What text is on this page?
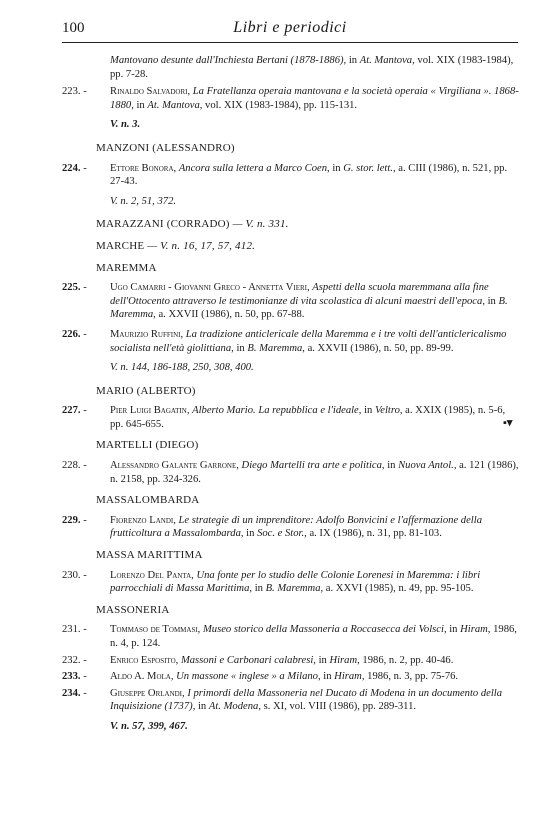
100	Libri e periodici
▪▾
Mantovano desunte dall'Inchiesta Bertani (1878-1886), in At. Mantova, vol. XIX (1983-1984), pp. 7-28.
223. -	Rinaldo Salvadori, La Fratellanza operaia mantovana e la società operaia « Virgiliana ». 1868-1880, in At. Mantova, vol. XIX (1983-1984), pp. 115-131.
V. n. 3.
MANZONI (ALESSANDRO)
224. -	Ettore Bonora, Ancora sulla lettera a Marco Coen, in G. stor. lett., a. CIII (1986), n. 521, pp. 27-43.
V. n. 2, 51, 372.
MARAZZANI (CORRADO) — V. n. 331.
MARCHE — V. n. 16, 17, 57, 412.
MAREMMA
225. -	Ugo Camarri - Giovanni Greco - Annetta Vieri, Aspetti della scuola maremmana alla fine dell'Ottocento attraverso le testimonianze di vita scolastica di alcuni maestri dell'epoca, in B. Maremma, a. XXVII (1986), n. 50, pp. 67-88.
226. -	Maurizio Ruffini, La tradizione anticlericale della Maremma e i tre volti dell'anticlericalismo socialista nell'età giolittiana, in B. Maremma, a. XXVII (1986), n. 50, pp. 89-99.
V. n. 144, 186-188, 250, 308, 400.
MARIO (ALBERTO)
227. -	Pier Luigi Bagatin, Alberto Mario. La repubblica e l'ideale, in Veltro, a. XXIX (1985), n. 5-6, pp. 645-655.
MARTELLI (DIEGO)
228. -	Alessandro Galante Garrone, Diego Martelli tra arte e politica, in Nuova Antol., a. 121 (1986), n. 2158, pp. 324-326.
MASSALOMBARDA
229. -	Fiorenzo Landi, Le strategie di un imprenditore: Adolfo Bonvicini e l'affermazione della frutticoltura a Massalombarda, in Soc. e Stor., a. IX (1986), n. 31, pp. 81-103.
MASSA MARITTIMA
230. -	Lorenzo Del Panta, Una fonte per lo studio delle Colonie Lorenesi in Maremma: i libri parrocchiali di Massa Marittima, in B. Maremma, a. XXVI (1985), n. 49, pp. 95-105.
MASSONERIA
231. -	Tommaso de Tommasi, Museo storico della Massoneria a Roccasecca dei Volsci, in Hiram, 1986, n. 4, p. 124.
232. -	Enrico Esposito, Massoni e Carbonari calabresi, in Hiram, 1986, n. 2, pp. 40-46.
233. -	Aldo A. Mola, Un massone « inglese » a Milano, in Hiram, 1986, n. 3, pp. 75-76.
234. -	Giuseppe Orlandi, I primordi della Massoneria nel Ducato di Modena in un documento della Inquisizione (1737), in At. Modena, s. XI, vol. VIII (1986), pp. 289-311.
V. n. 57, 399, 467.
